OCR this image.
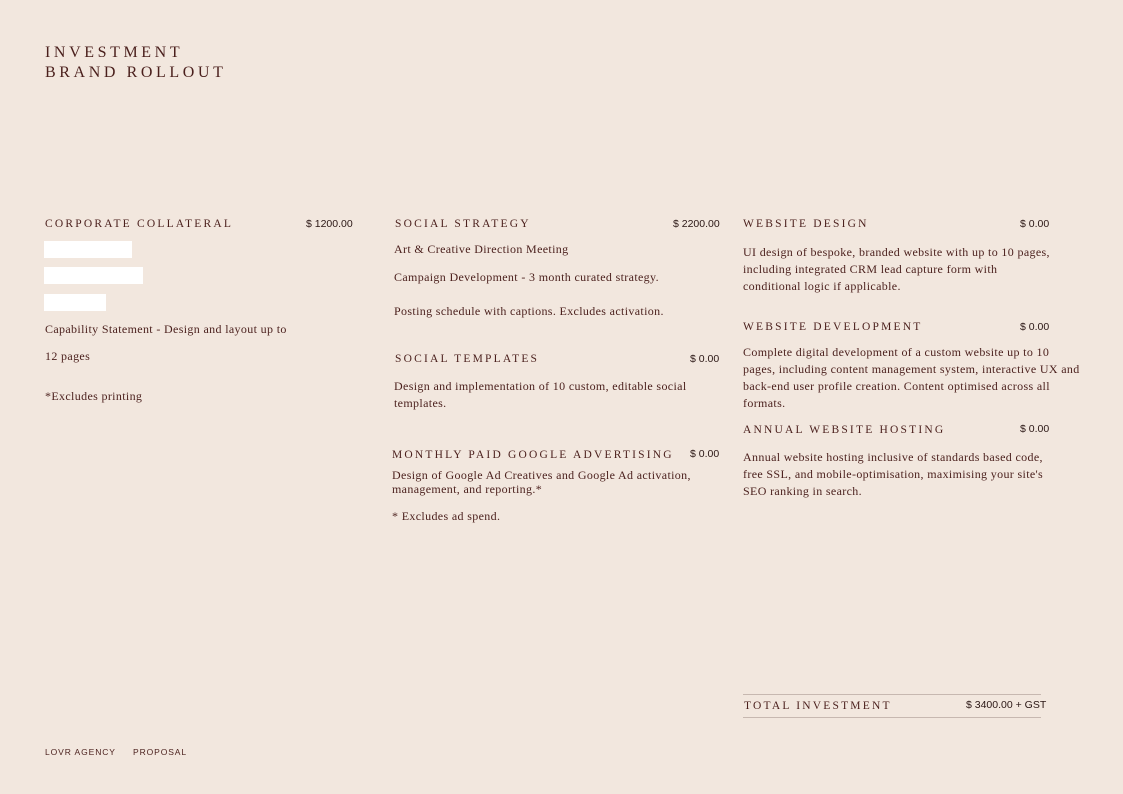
INVESTMENT
BRAND ROLLOUT
CORPORATE COLLATERAL	$ 1200.00
Capability Statement - Design and layout up to
12 pages
*Excludes printing
SOCIAL STRATEGY	$ 2200.00
Art & Creative Direction Meeting
Campaign Development - 3 month curated strategy.
Posting schedule with captions. Excludes activation.
SOCIAL TEMPLATES	$ 0.00
Design and implementation of 10 custom, editable social templates.
MONTHLY PAID GOOGLE ADVERTISING $ 0.00
Design of Google Ad Creatives and Google Ad activation, management, and reporting.*
* Excludes ad spend.
WEBSITE DESIGN	$ 0.00
UI design of bespoke, branded website with up to 10 pages, including integrated CRM lead capture form with conditional logic if applicable.
WEBSITE DEVELOPMENT	$ 0.00
Complete digital development of a custom website up to 10 pages, including content management system, interactive UX and back-end user profile creation. Content optimised across all formats.
ANNUAL WEBSITE HOSTING	$ 0.00
Annual website hosting inclusive of standards based code, free SSL, and mobile-optimisation, maximising your site's SEO ranking in search.
TOTAL INVESTMENT	$ 3400.00 + GST
LOVR AGENCY PROPOSAL
